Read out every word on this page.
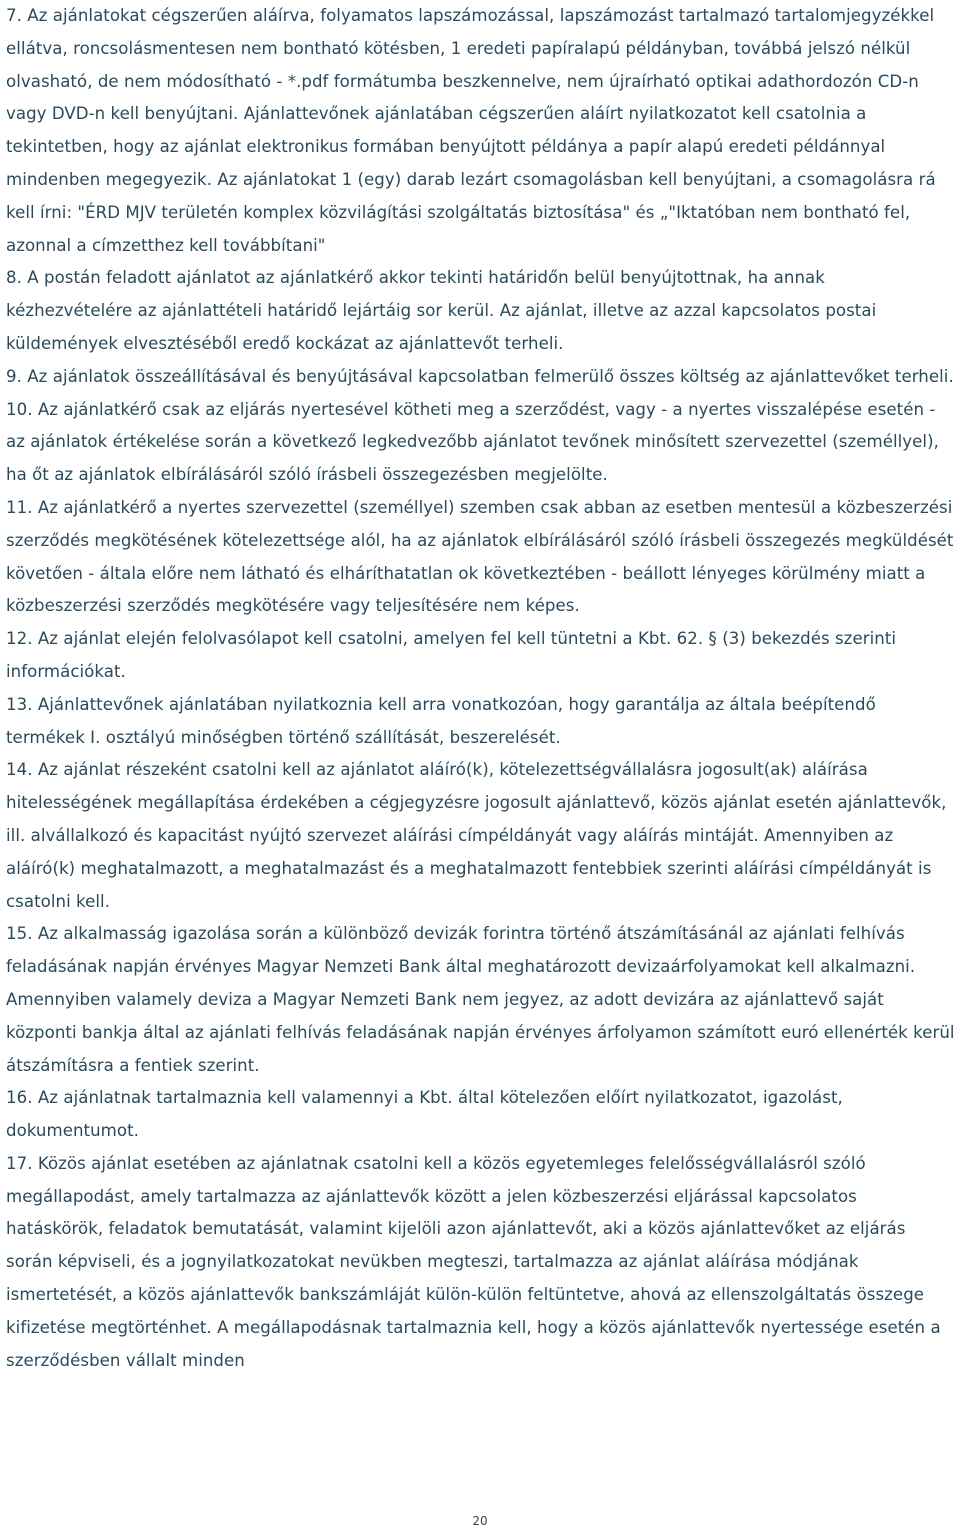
7. Az ajánlatokat cégszerűen aláírva, folyamatos lapszámozással, lapszámozást tartalmazó tartalomjegyzékkel ellátva, roncsolásmentesen nem bontható kötésben, 1 eredeti papíralapú példányban, továbbá jelszó nélkül olvasható, de nem módosítható - *.pdf formátumba beszkennelve, nem újraírható optikai adathordozón CD-n vagy DVD-n kell benyújtani. Ajánlattevőnek ajánlatában cégszerűen aláírt nyilatkozatot kell csatolnia a tekintetben, hogy az ajánlat elektronikus formában benyújtott példánya a papír alapú eredeti példánnyal mindenben megegyezik. Az ajánlatokat 1 (egy) darab lezárt csomagolásban kell benyújtani, a csomagolásra rá kell írni: "ÉRD MJV területén komplex közvilágítási szolgáltatás biztosítása" és „"Iktatóban nem bontható fel, azonnal a címzetthez kell továbbítani"

8. A postán feladott ajánlatot az ajánlatkérő akkor tekinti határidőn belül benyújtottnak, ha annak kézhezvételére az ajánlattételi határidő lejártáig sor kerül. Az ajánlat, illetve az azzal kapcsolatos postai küldemények elvesztéséből eredő kockázat az ajánlattevőt terheli.

9. Az ajánlatok összeállításával és benyújtásával kapcsolatban felmerülő összes költség az ajánlattevőket terheli.

10. Az ajánlatkérő csak az eljárás nyertesével kötheti meg a szerződést, vagy - a nyertes visszalépése esetén - az ajánlatok értékelése során a következő legkedvezőbb ajánlatot tevőnek minősített szervezettel (személlyel), ha őt az ajánlatok elbírálásáról szóló írásbeli összegezésben megjelölte.

11. Az ajánlatkérő a nyertes szervezettel (személlyel) szemben csak abban az esetben mentesül a közbeszerzési szerződés megkötésének kötelezettsége alól, ha az ajánlatok elbírálásáról szóló írásbeli összegezés megküldését követően - általa előre nem látható és elháríthatatlan ok következtében - beállott lényeges körülmény miatt a közbeszerzési szerződés megkötésére vagy teljesítésére nem képes.

12. Az ajánlat elején felolvasólapot kell csatolni, amelyen fel kell tüntetni a Kbt. 62. § (3) bekezdés szerinti információkat.

13. Ajánlattevőnek ajánlatában nyilatkoznia kell arra vonatkozóan, hogy garantálja az általa beépítendő termékek I. osztályú minőségben történő szállítását, beszerelését.

14. Az ajánlat részeként csatolni kell az ajánlatot aláíró(k), kötelezettségvállalásra jogosult(ak) aláírása hitelességének megállapítása érdekében a cégjegyzésre jogosult ajánlattevő, közös ajánlat esetén ajánlattevők, ill. alvállalkozó és kapacitást nyújtó szervezet aláírási címpéldányát vagy aláírás mintáját. Amennyiben az aláíró(k) meghatalmazott, a meghatalmazást és a meghatalmazott fentebbiek szerinti aláírási címpéldányát is csatolni kell.

15. Az alkalmasság igazolása során a különböző devizák forintra történő átszámításánál az ajánlati felhívás feladásának napján érvényes Magyar Nemzeti Bank által meghatározott devizaárfolyamokat kell alkalmazni. Amennyiben valamely deviza a Magyar Nemzeti Bank nem jegyez, az adott devizára az ajánlattevő saját központi bankja által az ajánlati felhívás feladásának napján érvényes árfolyamon számított euró ellenérték kerül átszámításra a fentiek szerint.

16. Az ajánlatnak tartalmaznia kell valamennyi a Kbt. által kötelezően előírt nyilatkozatot, igazolást, dokumentumot.

17. Közös ajánlat esetében az ajánlatnak csatolni kell a közös egyetemleges felelősségvállalásról szóló megállapodást, amely tartalmazza az ajánlattevők között a jelen közbeszerzési eljárással kapcsolatos hatáskörök, feladatok bemutatását, valamint kijelöli azon ajánlattevőt, aki a közös ajánlattevőket az eljárás során képviseli, és a jognyilatkozatokat nevükben megteszi, tartalmazza az ajánlat aláírása módjának ismertetését, a közös ajánlattevők bankszámláját külön-külön feltüntetve, ahová az ellenszolgáltatás összege kifizetése megtörténhet. A megállapodásnak tartalmaznia kell, hogy a közös ajánlattevők nyertessége esetén a szerződésben vállalt minden

20
